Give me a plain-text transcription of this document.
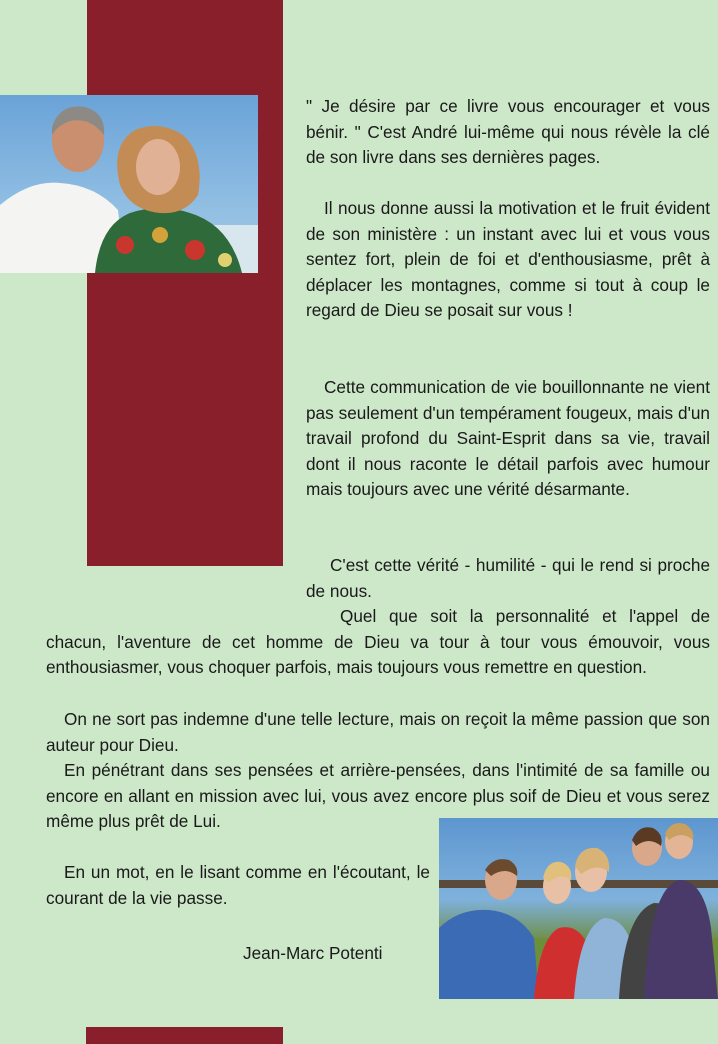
" Je désire par ce livre vous encourager et vous bénir. " C'est André lui-même qui nous révèle la clé de son livre dans ses dernières pages.

Il nous donne aussi la motivation et le fruit évident de son ministère : un instant avec lui et vous vous sentez fort, plein de foi et d'enthousiasme, prêt à déplacer les montagnes, comme si tout à coup le regard de Dieu se posait sur vous !

Cette communication de vie bouillonnante ne vient pas seulement d'un tempérament fougeux, mais d'un travail profond du Saint-Esprit dans sa vie, travail dont il nous raconte le détail parfois avec humour mais toujours avec une vérité désarmante.

C'est cette vérité - humilité - qui le rend si proche de nous.

Quel que soit la personnalité et l'appel de chacun, l'aventure de cet homme de Dieu va tour à tour vous émouvoir, vous enthousiasmer, vous choquer parfois, mais toujours vous remettre en question.

On ne sort pas indemne d'une telle lecture, mais on reçoit la même passion que son auteur pour Dieu.

En pénétrant dans ses pensées et arrière-pensées, dans l'intimité de sa famille ou encore en allant en mission avec lui, vous avez encore plus soif de Dieu et vous serez même plus prêt de Lui.

En un mot, en le lisant comme en l'écoutant, le courant de la vie passe.

Jean-Marc Potenti
